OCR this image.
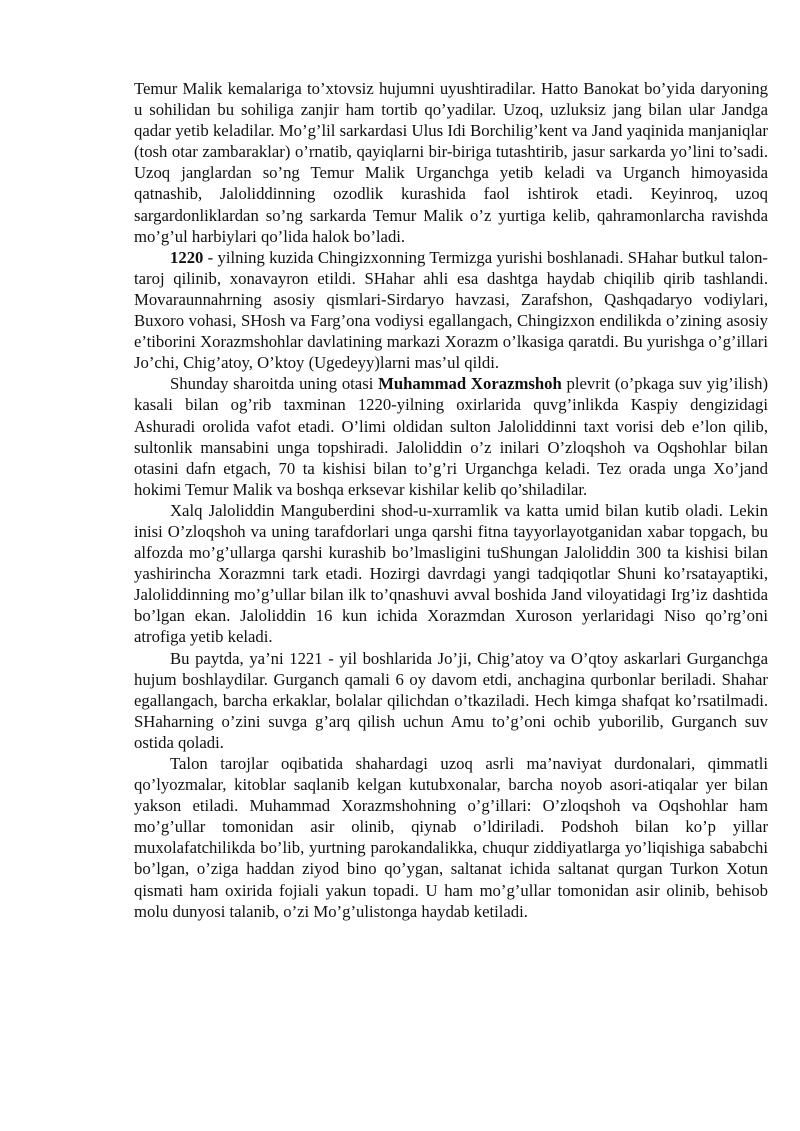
Temur Malik kemalariga to’xtovsiz hujumni uyushtiradilar. Hatto Banokat bo’yida daryoning u sohilidan bu sohiliga zanjir ham tortib qo’yadilar. Uzoq, uzluksiz jang bilan ular Jandga qadar yetib keladilar. Mo’g’lil sarkardasi Ulus Idi Borchilig’kent va Jand yaqinida manjaniqlar (tosh otar zambaraklar) o’rnatib, qayiqlarni bir-biriga tutashtirib, jasur sarkarda yo’lini to’sadi. Uzoq janglardan so’ng Temur Malik Urganchga yetib keladi va Urganch himoyasida qatnashib, Jaloliddinning ozodlik kurashida faol ishtirok etadi. Keyinroq, uzoq sargardonliklardan so’ng sarkarda Temur Malik o’z yurtiga kelib, qahramonlarcha ravishda mo’g’ul harbiylari qo’lida halok bo’ladi.

1220 - yilning kuzida Chingizxonning Termizga yurishi boshlanadi. SHahar butkul talon-taroj qilinib, xonavayron etildi. SHahar ahli esa dashtga haydab chiqilib qirib tashlandi. Movaraunnahrning asosiy qismlari-Sirdaryo havzasi, Zarafshon, Qashqadaryo vodiylari, Buxoro vohasi, SHosh va Farg’ona vodiysi egallangach, Chingizxon endilikda o’zining asosiy e’tiborini Xorazmshohlar davlatining markazi Xorazm o’lkasiga qaratdi. Bu yurishga o’g’illari Jo’chi, Chig’atoy, O’ktoy (Ugedeyy)larni mas’ul qildi.

Shunday sharoitda uning otasi Muhammad Xorazmshoh plevrit (o’pkaga suv yig’ilish) kasali bilan og’rib taxminan 1220-yilning oxirlarida quvg’inlikda Kaspiy dengizidagi Ashuradi orolida vafot etadi. O’limi oldidan sulton Jaloliddinni taxt vorisi deb e’lon qilib, sultonlik mansabini unga topshiradi. Jaloliddin o’z inilari O’zloqshoh va Oqshohlar bilan otasini dafn etgach, 70 ta kishisi bilan to’g’ri Urganchga keladi. Tez orada unga Xo’jand hokimi Temur Malik va boshqa erksevar kishilar kelib qo’shiladilar.

Xalq Jaloliddin Manguberdini shod-u-xurramlik va katta umid bilan kutib oladi. Lekin inisi O’zloqshoh va uning tarafdorlari unga qarshi fitna tayyorlayotganidan xabar topgach, bu alfozda mo’g’ullarga qarshi kurashib bo’lmasligini tuShungan Jaloliddin 300 ta kishisi bilan yashirincha Xorazmni tark etadi. Hozirgi davrdagi yangi tadqiqotlar Shuni ko’rsatayaptiki, Jaloliddinning mo’g’ullar bilan ilk to’qnashuvi avval boshida Jand viloyatidagi Irg’iz dashtida bo’lgan ekan. Jaloliddin 16 kun ichida Xorazmdan Xuroson yerlaridagi Niso qo’rg’oni atrofiga yetib keladi.

Bu paytda, ya’ni 1221 - yil boshlarida Jo’ji, Chig’atoy va O’qtoy askarlari Gurganchga hujum boshlaydilar. Gurganch qamali 6 oy davom etdi, anchagina qurbonlar beriladi. Shahar egallangach, barcha erkaklar, bolalar qilichdan o’tkaziladi. Hech kimga shafqat ko’rsatilmadi. SHaharning o’zini suvga g’arq qilish uchun Amu to’g’oni ochib yuborilib, Gurganch suv ostida qoladi.

Talon tarojlar oqibatida shahardagi uzoq asrli ma’naviyat durdonalari, qimmatli qo’lyozmalar, kitoblar saqlanib kelgan kutubxonalar, barcha noyob asori-atiqalar yer bilan yakson etiladi. Muhammad Xorazmshohning o’g’illari: O’zloqshoh va Oqshohlar ham mo’g’ullar tomonidan asir olinib, qiynab o’ldiriladi. Podshoh bilan ko’p yillar muxolafatchilikda bo’lib, yurtning parokandalikka, chuqur ziddiyatlarga yo’liqishiga sababchi bo’lgan, o’ziga haddan ziyod bino qo’ygan, saltanat ichida saltanat qurgan Turkon Xotun qismati ham oxirida fojiali yakun topadi. U ham mo’g’ullar tomonidan asir olinib, behisob molu dunyosi talanib, o’zi Mo’g’ulistonga haydab ketiladi.
